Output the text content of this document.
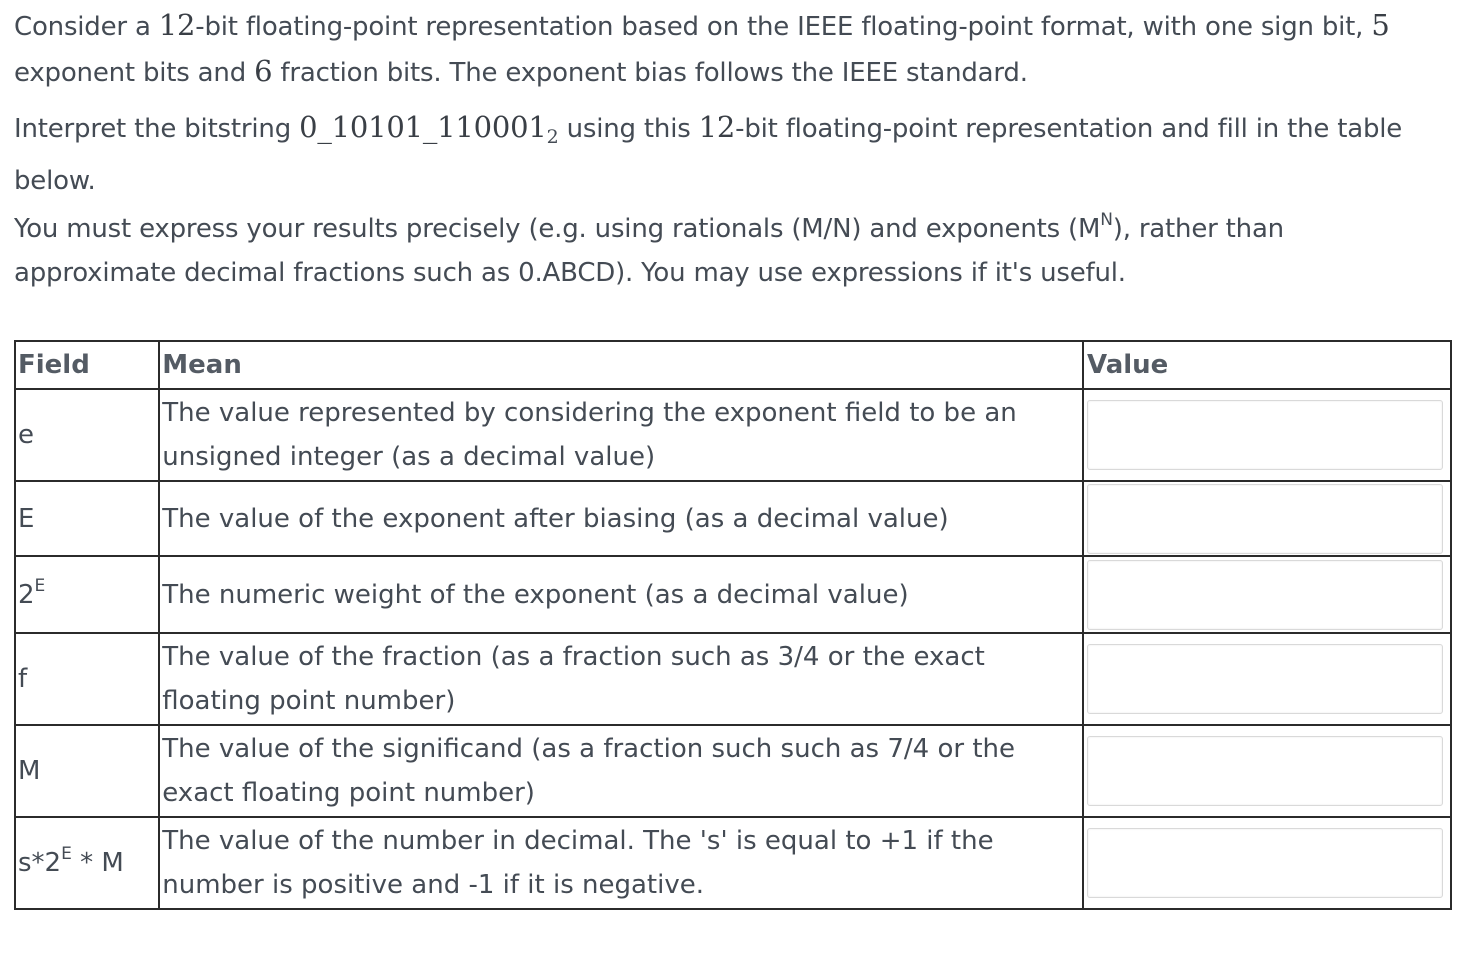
Consider a 12-bit floating-point representation based on the IEEE floating-point format, with one sign bit, 5 exponent bits and 6 fraction bits. The exponent bias follows the IEEE standard.

Interpret the bitstring $0\_10101\_110001_2$ using this 12-bit floating-point representation and fill in the table below.

You must express your results precisely (e.g. using rationals (M/N) and exponents $(M^N)$, rather than approximate decimal fractions such as 0.ABCD). You may use expressions if it's useful.

Field	Mean	Value
e	The value represented by considering the exponent field to be an unsigned integer (as a decimal value)	

E	The value of the exponent after biasing (as a decimal value)	

$2^E$	The numeric weight of the exponent (as a decimal value)	

f	The value of the fraction (as a fraction such as 3/4 or the exact floating point number)	

M	The value of the significand (as a fraction such such as 7/4 or the exact floating point number)	

$s*2^E$ * M	The value of the number in decimal. The 's' is equal to +1 if the number is positive and -1 if it is negative.	
